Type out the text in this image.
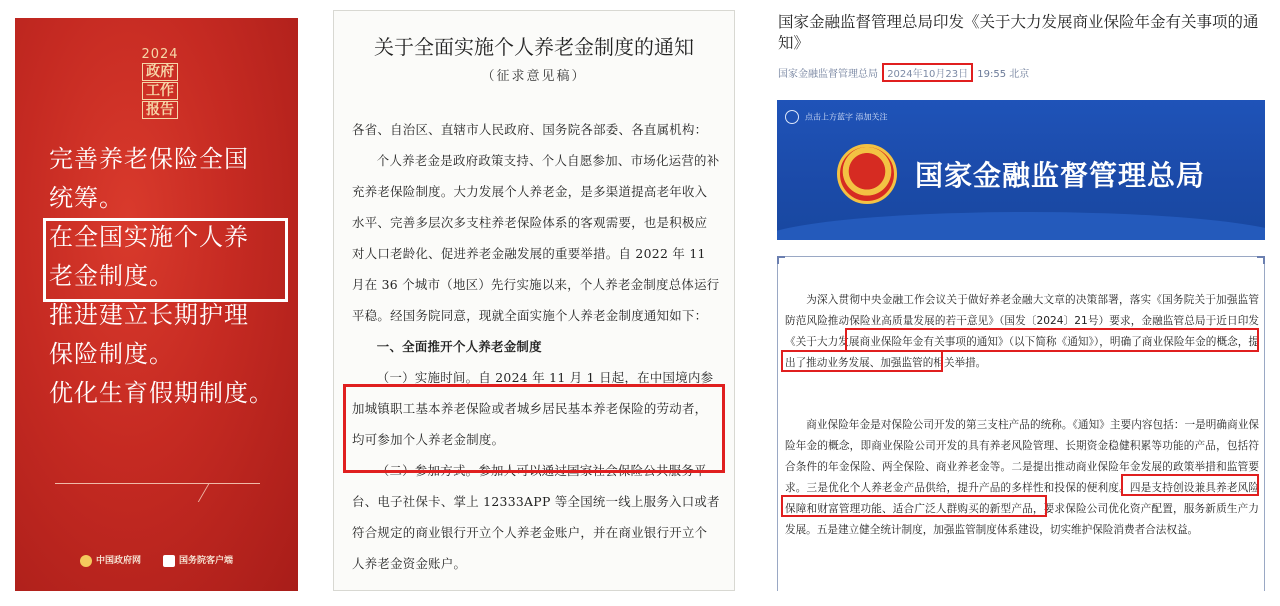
2024
政府
工作
报告
完善养老保险全国
统筹。
在全国实施个人养
老金制度。
推进建立长期护理
保险制度。
优化生育假期制度。
中国政府网	国务院客户端
关于全面实施个人养老金制度的通知
（征求意见稿）

各省、自治区、直辖市人民政府、国务院各部委、各直属机构：

个人养老金是政府政策支持、个人自愿参加、市场化运营的补充养老保险制度。大力发展个人养老金，是多渠道提高老年收入水平、完善多层次多支柱养老保险体系的客观需要，也是积极应对人口老龄化、促进养老金融发展的重要举措。自 2022 年 11 月在 36 个城市（地区）先行实施以来，个人养老金制度总体运行平稳。经国务院同意，现就全面实施个人养老金制度通知如下：

一、全面推开个人养老金制度

（一）实施时间。自 2024 年 11 月 1 日起，在中国境内参加城镇职工基本养老保险或者城乡居民基本养老保险的劳动者，均可参加个人养老金制度。

（二）参加方式。参加人可以通过国家社会保险公共服务平台、电子社保卡、掌上 12333APP 等全国统一线上服务入口或者符合规定的商业银行开立个人养老金账户，并在商业银行开立个人养老金资金账户。

国家金融监督管理总局印发《关于大力发展商业保险年金有关事项的通知》
国家金融监督管理总局 2024年10月23日 19:55 北京
点击上方蓝字 添加关注
国家金融监督管理总局

为深入贯彻中央金融工作会议关于做好养老金融大文章的决策部署，落实《国务院关于加强监管防范风险推动保险业高质量发展的若干意见》（国发〔2024〕21号）要求，金融监管总局于近日印发《关于大力发展商业保险年金有关事项的通知》（以下简称《通知》），明确了商业保险年金的概念，提出了推动业务发展、加强监管的相关举措。

商业保险年金是对保险公司开发的第三支柱产品的统称。《通知》主要内容包括：一是明确商业保险年金的概念，即商业保险公司开发的具有养老风险管理、长期资金稳健积累等功能的产品，包括符合条件的年金保险、两全保险、商业养老金等。二是提出推动商业保险年金发展的政策举措和监管要求。三是优化个人养老金产品供给，提升产品的多样性和投保的便利度。四是支持创设兼具养老风险保障和财富管理功能、适合广泛人群购买的新型产品，要求保险公司优化资产配置，服务新质生产力发展。五是建立健全统计制度，加强监管制度体系建设，切实维护保险消费者合法权益。
